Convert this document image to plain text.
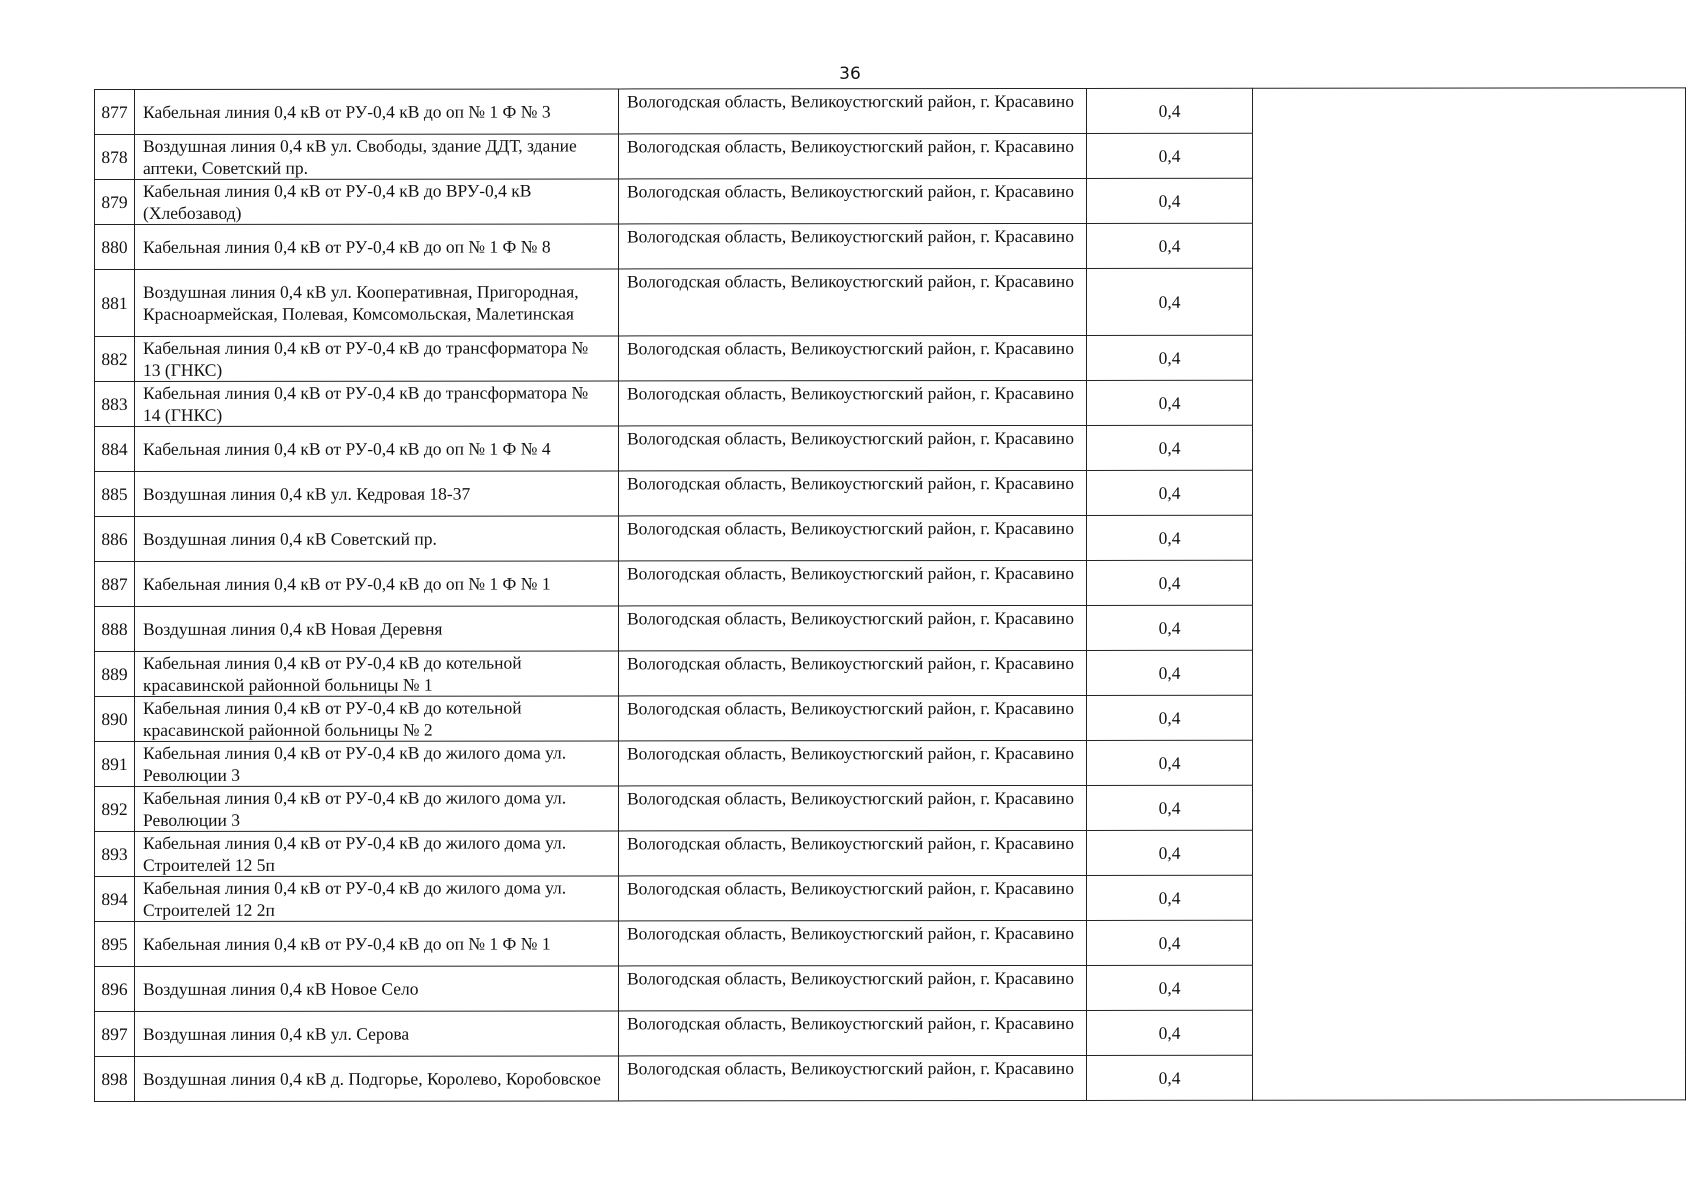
36
877	Кабельная линия 0,4 кВ от РУ-0,4 кВ до оп № 1 Ф № 3	Вологодская область, Великоустюгский район, г. Красавино	0,4	
878	Воздушная линия 0,4 кВ ул. Свободы, здание ДДТ, здание аптеки, Советский пр.	Вологодская область, Великоустюгский район, г. Красавино	0,4	
879	Кабельная линия 0,4 кВ от РУ-0,4 кВ до ВРУ-0,4 кВ (Хлебозавод)	Вологодская область, Великоустюгский район, г. Красавино	0,4	
880	Кабельная линия 0,4 кВ от РУ-0,4 кВ до оп № 1 Ф № 8	Вологодская область, Великоустюгский район, г. Красавино	0,4	
881	Воздушная линия 0,4 кВ ул. Кооперативная, Пригородная, Красноармейская, Полевая, Комсомольская, Малетинская	Вологодская область, Великоустюгский район, г. Красавино	0,4	
882	Кабельная линия 0,4 кВ от РУ-0,4 кВ до трансформатора № 13 (ГНКС)	Вологодская область, Великоустюгский район, г. Красавино	0,4	
883	Кабельная линия 0,4 кВ от РУ-0,4 кВ до трансформатора № 14 (ГНКС)	Вологодская область, Великоустюгский район, г. Красавино	0,4	
884	Кабельная линия 0,4 кВ от РУ-0,4 кВ до оп № 1 Ф № 4	Вологодская область, Великоустюгский район, г. Красавино	0,4	
885	Воздушная линия 0,4 кВ ул. Кедровая 18-37	Вологодская область, Великоустюгский район, г. Красавино	0,4	
886	Воздушная линия 0,4 кВ Советский пр.	Вологодская область, Великоустюгский район, г. Красавино	0,4	
887	Кабельная линия 0,4 кВ от РУ-0,4 кВ до оп № 1 Ф № 1	Вологодская область, Великоустюгский район, г. Красавино	0,4	
888	Воздушная линия 0,4 кВ Новая Деревня	Вологодская область, Великоустюгский район, г. Красавино	0,4	
889	Кабельная линия 0,4 кВ от РУ-0,4 кВ до котельной красавинской районной больницы № 1	Вологодская область, Великоустюгский район, г. Красавино	0,4	
890	Кабельная линия 0,4 кВ от РУ-0,4 кВ до котельной красавинской районной больницы № 2	Вологодская область, Великоустюгский район, г. Красавино	0,4	
891	Кабельная линия 0,4 кВ от РУ-0,4 кВ до жилого дома ул. Революции 3	Вологодская область, Великоустюгский район, г. Красавино	0,4	
892	Кабельная линия 0,4 кВ от РУ-0,4 кВ до жилого дома ул. Революции 3	Вологодская область, Великоустюгский район, г. Красавино	0,4	
893	Кабельная линия 0,4 кВ от РУ-0,4 кВ до жилого дома ул. Строителей 12 5п	Вологодская область, Великоустюгский район, г. Красавино	0,4	
894	Кабельная линия 0,4 кВ от РУ-0,4 кВ до жилого дома ул. Строителей 12 2п	Вологодская область, Великоустюгский район, г. Красавино	0,4	
895	Кабельная линия 0,4 кВ от РУ-0,4 кВ до оп № 1 Ф № 1	Вологодская область, Великоустюгский район, г. Красавино	0,4	
896	Воздушная линия 0,4 кВ Новое Село	Вологодская область, Великоустюгский район, г. Красавино	0,4	
897	Воздушная линия 0,4 кВ ул. Серова	Вологодская область, Великоустюгский район, г. Красавино	0,4	
898	Воздушная линия 0,4 кВ д. Подгорье, Королево, Коробовское	Вологодская область, Великоустюгский район, г. Красавино	0,4	
